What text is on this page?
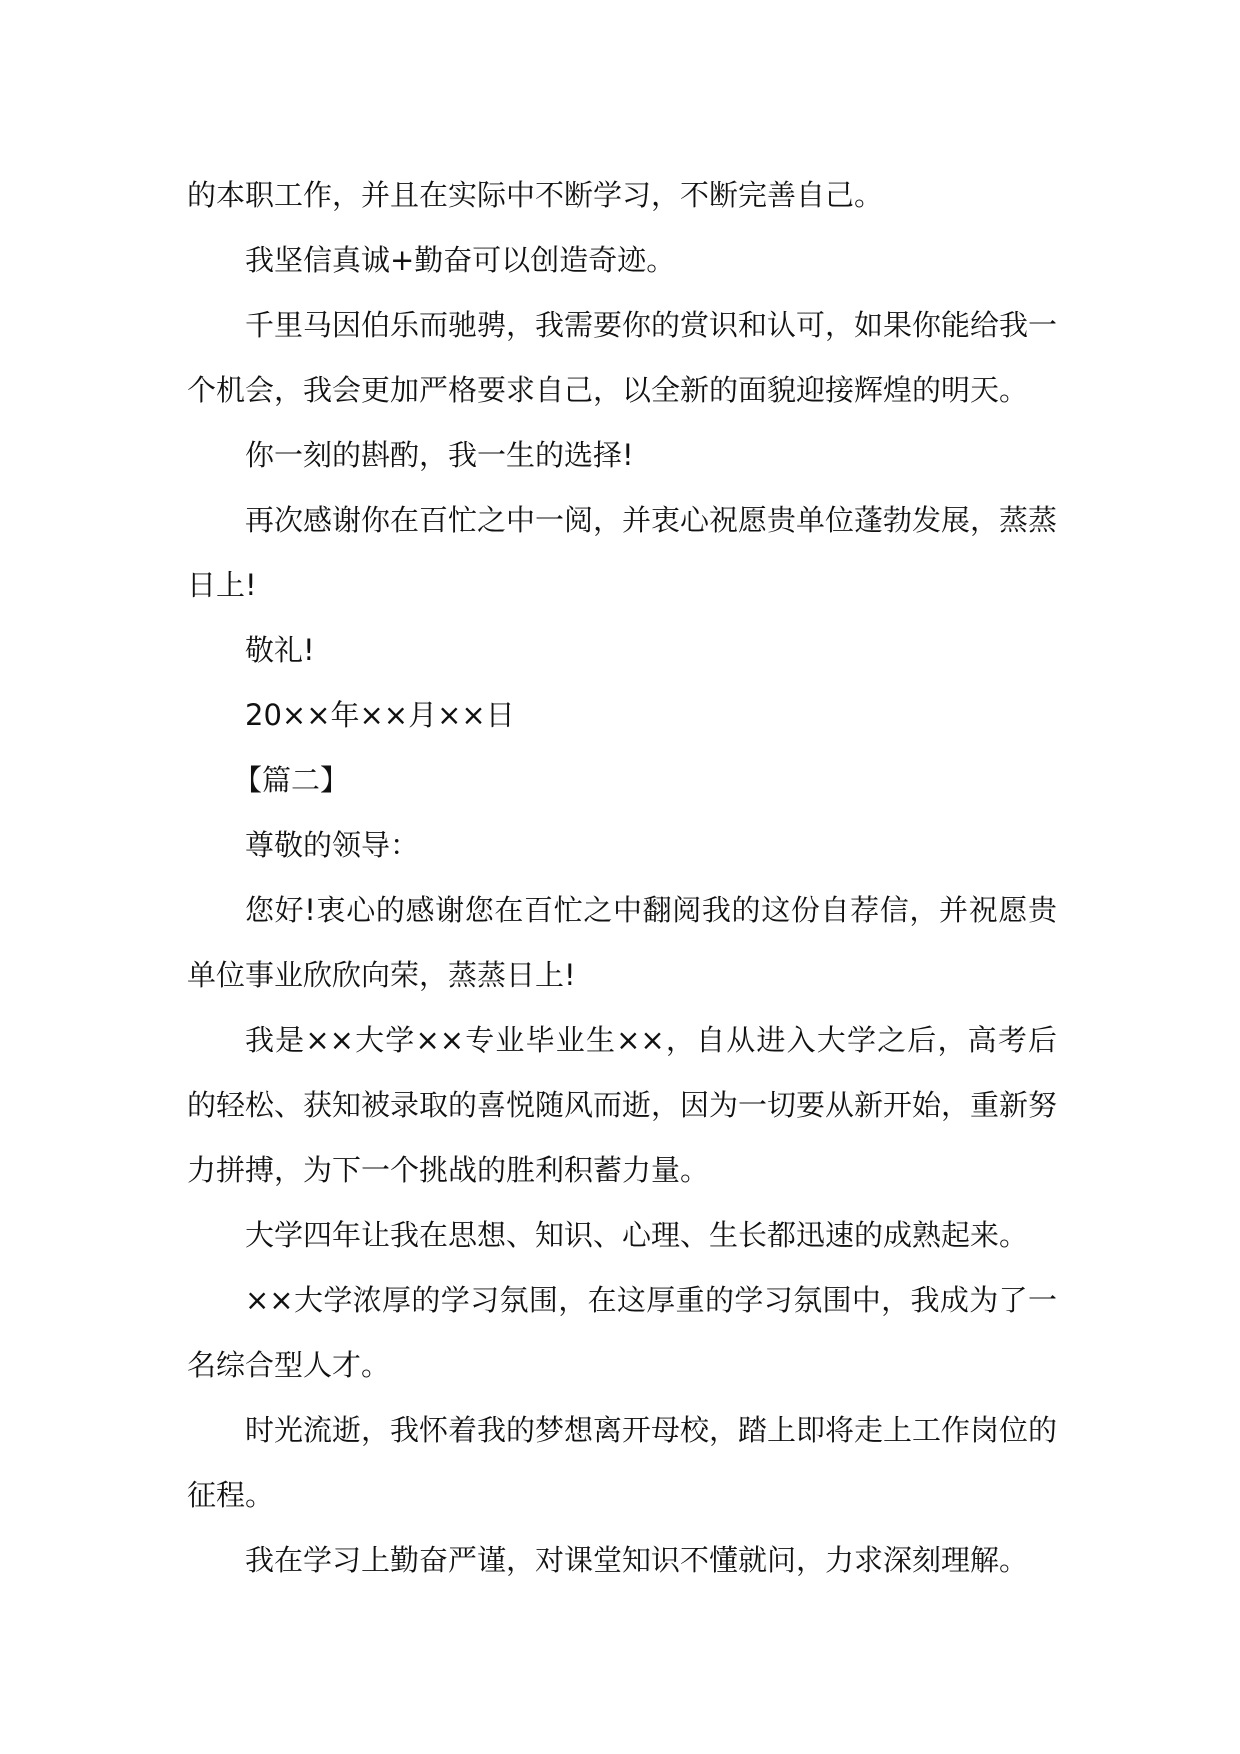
的本职工作，并且在实际中不断学习，不断完善自己。

我坚信真诚+勤奋可以创造奇迹。

千里马因伯乐而驰骋，我需要你的赏识和认可，如果你能给我一个机会，我会更加严格要求自己，以全新的面貌迎接辉煌的明天。

你一刻的斟酌，我一生的选择!

再次感谢你在百忙之中一阅，并衷心祝愿贵单位蓬勃发展，蒸蒸日上!

敬礼!

20××年××月××日

【篇二】

尊敬的领导：

您好!衷心的感谢您在百忙之中翻阅我的这份自荐信，并祝愿贵单位事业欣欣向荣，蒸蒸日上!

我是××大学××专业毕业生××，自从进入大学之后，高考后的轻松、获知被录取的喜悦随风而逝，因为一切要从新开始，重新努力拼搏，为下一个挑战的胜利积蓄力量。

大学四年让我在思想、知识、心理、生长都迅速的成熟起来。

××大学浓厚的学习氛围，在这厚重的学习氛围中，我成为了一名综合型人才。

时光流逝，我怀着我的梦想离开母校，踏上即将走上工作岗位的征程。

我在学习上勤奋严谨，对课堂知识不懂就问，力求深刻理解。
